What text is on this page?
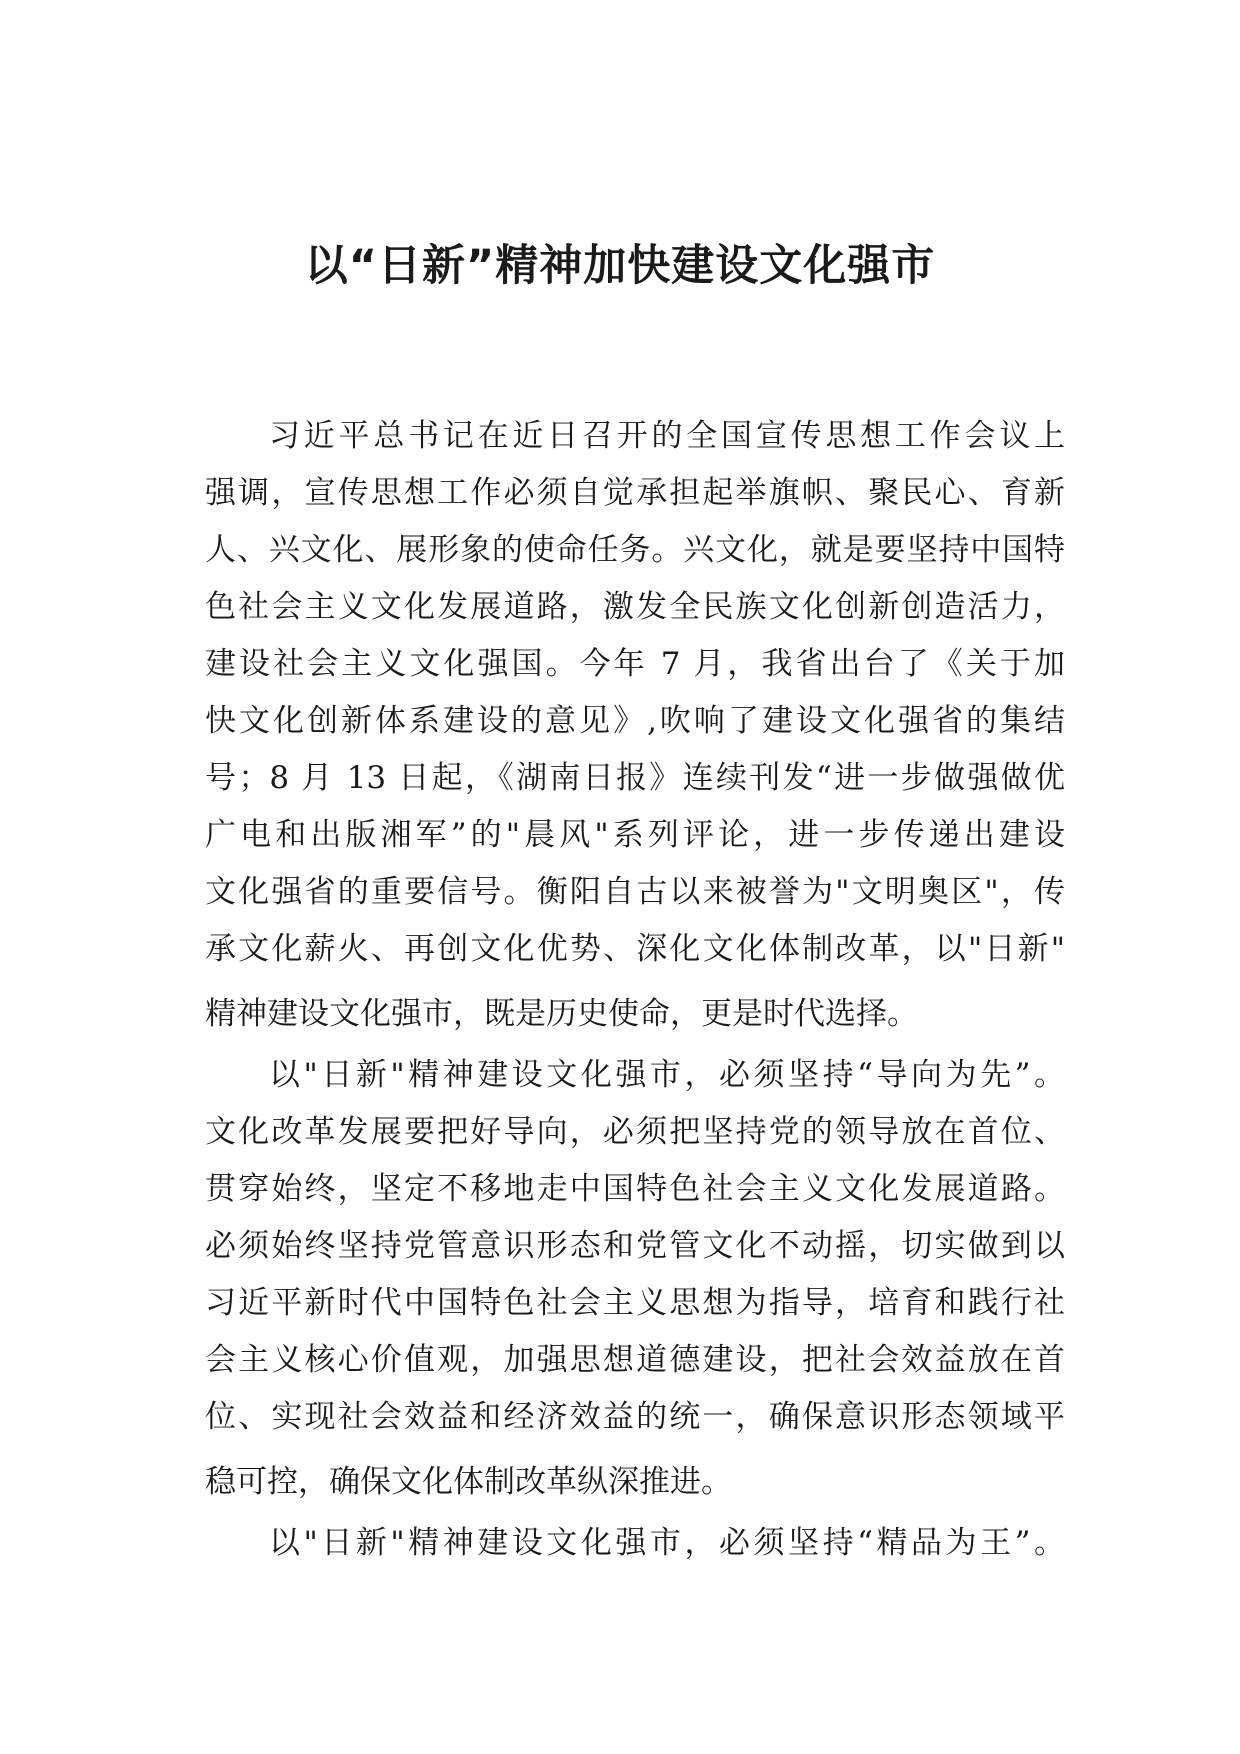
以“日新”精神加快建设文化强市
习近平总书记在近日召开的全国宣传思想工作会议上
强调，宣传思想工作必须自觉承担起举旗帜、聚民心、育新
人、兴文化、展形象的使命任务。兴文化，就是要坚持中国特
色社会主义文化发展道路，激发全民族文化创新创造活力，
建设社会主义文化强国。今年 7 月，我省出台了《关于加
快文化创新体系建设的意见》,吹响了建设文化强省的集结
号；8 月 13 日起，《湖南日报》连续刊发“进一步做强做优
广电和出版湘军”的"晨风"系列评论，进一步传递出建设
文化强省的重要信号。衡阳自古以来被誉为"文明奥区"，传
承文化薪火、再创文化优势、深化文化体制改革，以"日新"
精神建设文化强市，既是历史使命，更是时代选择。
以"日新"精神建设文化强市，必须坚持“导向为先”。
文化改革发展要把好导向，必须把坚持党的领导放在首位、
贯穿始终，坚定不移地走中国特色社会主义文化发展道路。
必须始终坚持党管意识形态和党管文化不动摇，切实做到以
习近平新时代中国特色社会主义思想为指导，培育和践行社
会主义核心价值观，加强思想道德建设，把社会效益放在首
位、实现社会效益和经济效益的统一，确保意识形态领域平
稳可控，确保文化体制改革纵深推进。
以"日新"精神建设文化强市，必须坚持“精品为王”。
